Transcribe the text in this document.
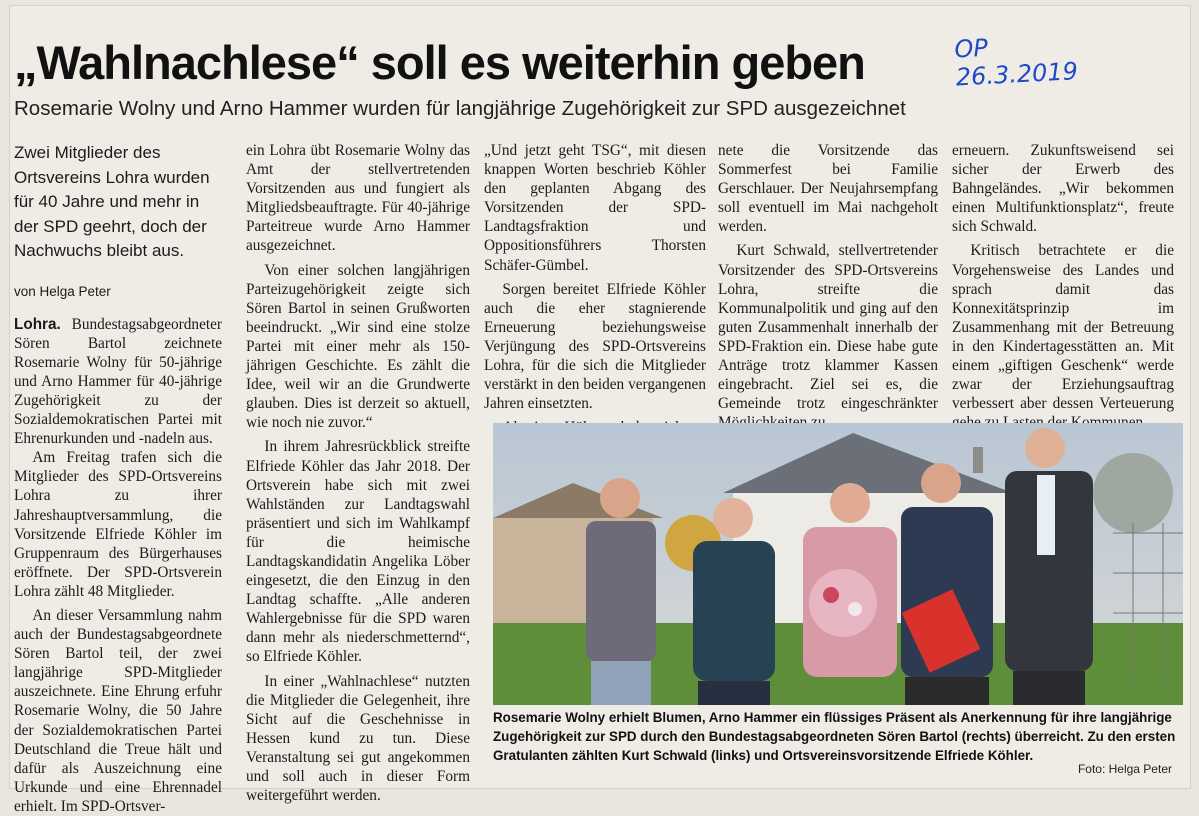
„Wahlnachlese“ soll es weiterhin geben	OP
26.3.2019
Rosemarie Wolny und Arno Hammer wurden für langjährige Zugehörigkeit zur SPD ausgezeichnet
Zwei Mitglieder des Ortsvereins Lohra wurden für 40 Jahre und mehr in der SPD geehrt, doch der Nachwuchs bleibt aus.
von Helga Peter

Lohra. Bundestagsabgeordneter Sören Bartol zeichnete Rosemarie Wolny für 50-jährige und Arno Hammer für 40-jährige Zugehörigkeit zu der Sozialdemokratischen Partei mit Ehrenurkunden und -nadeln aus.

Am Freitag trafen sich die Mitglieder des SPD-Ortsvereins Lohra zu ihrer Jahreshauptversammlung, die Vorsitzende Elfriede Köhler im Gruppenraum des Bürgerhauses eröffnete. Der SPD-Ortsverein Lohra zählt 48 Mitglieder.

An dieser Versammlung nahm auch der Bundestagsabgeordnete Sören Bartol teil, der zwei langjährige SPD-Mitglieder auszeichnete. Eine Ehrung erfuhr Rosemarie Wolny, die 50 Jahre der Sozialdemokratischen Partei Deutschland die Treue hält und dafür als Auszeichnung eine Urkunde und eine Ehrennadel erhielt. Im SPD-Ortsver-

ein Lohra übt Rosemarie Wolny das Amt der stellvertretenden Vorsitzenden aus und fungiert als Mitgliedsbeauftragte. Für 40-jährige Parteitreue wurde Arno Hammer ausgezeichnet.

Von einer solchen langjährigen Parteizugehörigkeit zeigte sich Sören Bartol in seinen Grußworten beeindruckt. „Wir sind eine stolze Partei mit einer mehr als 150-jährigen Geschichte. Es zählt die Idee, weil wir an die Grundwerte glauben. Dies ist derzeit so aktuell, wie noch nie zuvor.“

In ihrem Jahresrückblick streifte Elfriede Köhler das Jahr 2018. Der Ortsverein habe sich mit zwei Wahlständen zur Landtagswahl präsentiert und sich im Wahlkampf für die heimische Landtagskandidatin Angelika Löber eingesetzt, die den Einzug in den Landtag schaffte. „Alle anderen Wahlergebnisse für die SPD waren dann mehr als niederschmetternd“, so Elfriede Köhler.

In einer „Wahlnachlese“ nutzten die Mitglieder die Gelegenheit, ihre Sicht auf die Geschehnisse in Hessen kund zu tun. Diese Veranstaltung sei gut angekommen und soll auch in dieser Form weitergeführt werden.

„Und jetzt geht TSG“, mit diesen knappen Worten beschrieb Köhler den geplanten Abgang des Vorsitzenden der SPD-Landtagsfraktion und Oppositionsführers Thorsten Schäfer-Gümbel.

Sorgen bereitet Elfriede Köhler auch die eher stagnierende Erneuerung beziehungsweise Verjüngung des SPD-Ortsvereins Lohra, für die sich die Mitglieder verstärkt in den beiden vergangenen Jahren einsetzten.

nete die Vorsitzende das Sommerfest bei Familie Gerschlauer. Der Neujahrsempfang soll eventuell im Mai nachgeholt werden.

Kurt Schwald, stellvertretender Vorsitzender des SPD-Ortsvereins Lohra, streifte die Kommunalpolitik und ging auf den guten Zusammenhalt innerhalb der SPD-Fraktion ein. Diese habe gute Anträge trotz klammer Kassen eingebracht. Ziel sei es, die Gemeinde trotz eingeschränkter

erneuern. Zukunftsweisend sei sicher der Erwerb des Bahngeländes. „Wir bekommen einen Multifunktionsplatz“, freute sich Schwald.

Kritisch betrachtete er die Vorgehensweise des Landes und sprach damit das Konnexitätsprinzip im Zusammenhang mit der Betreuung in den Kindertagesstätten an. Mit einem „giftigen Geschenk“ werde zwar der Erziehungsauftrag verbessert aber dessen Verteuerung

Rosemarie Wolny erhielt Blumen, Arno Hammer ein flüssiges Präsent als Anerkennung für ihre langjährige Zugehörigkeit zur SPD durch den Bundestagsabgeordneten Sören Bartol (rechts) überreicht. Zu den ersten Gratulanten zählten Kurt Schwald (links) und Ortsvereinsvorsitzende Elfriede Köhler.
Foto: Helga Peter
